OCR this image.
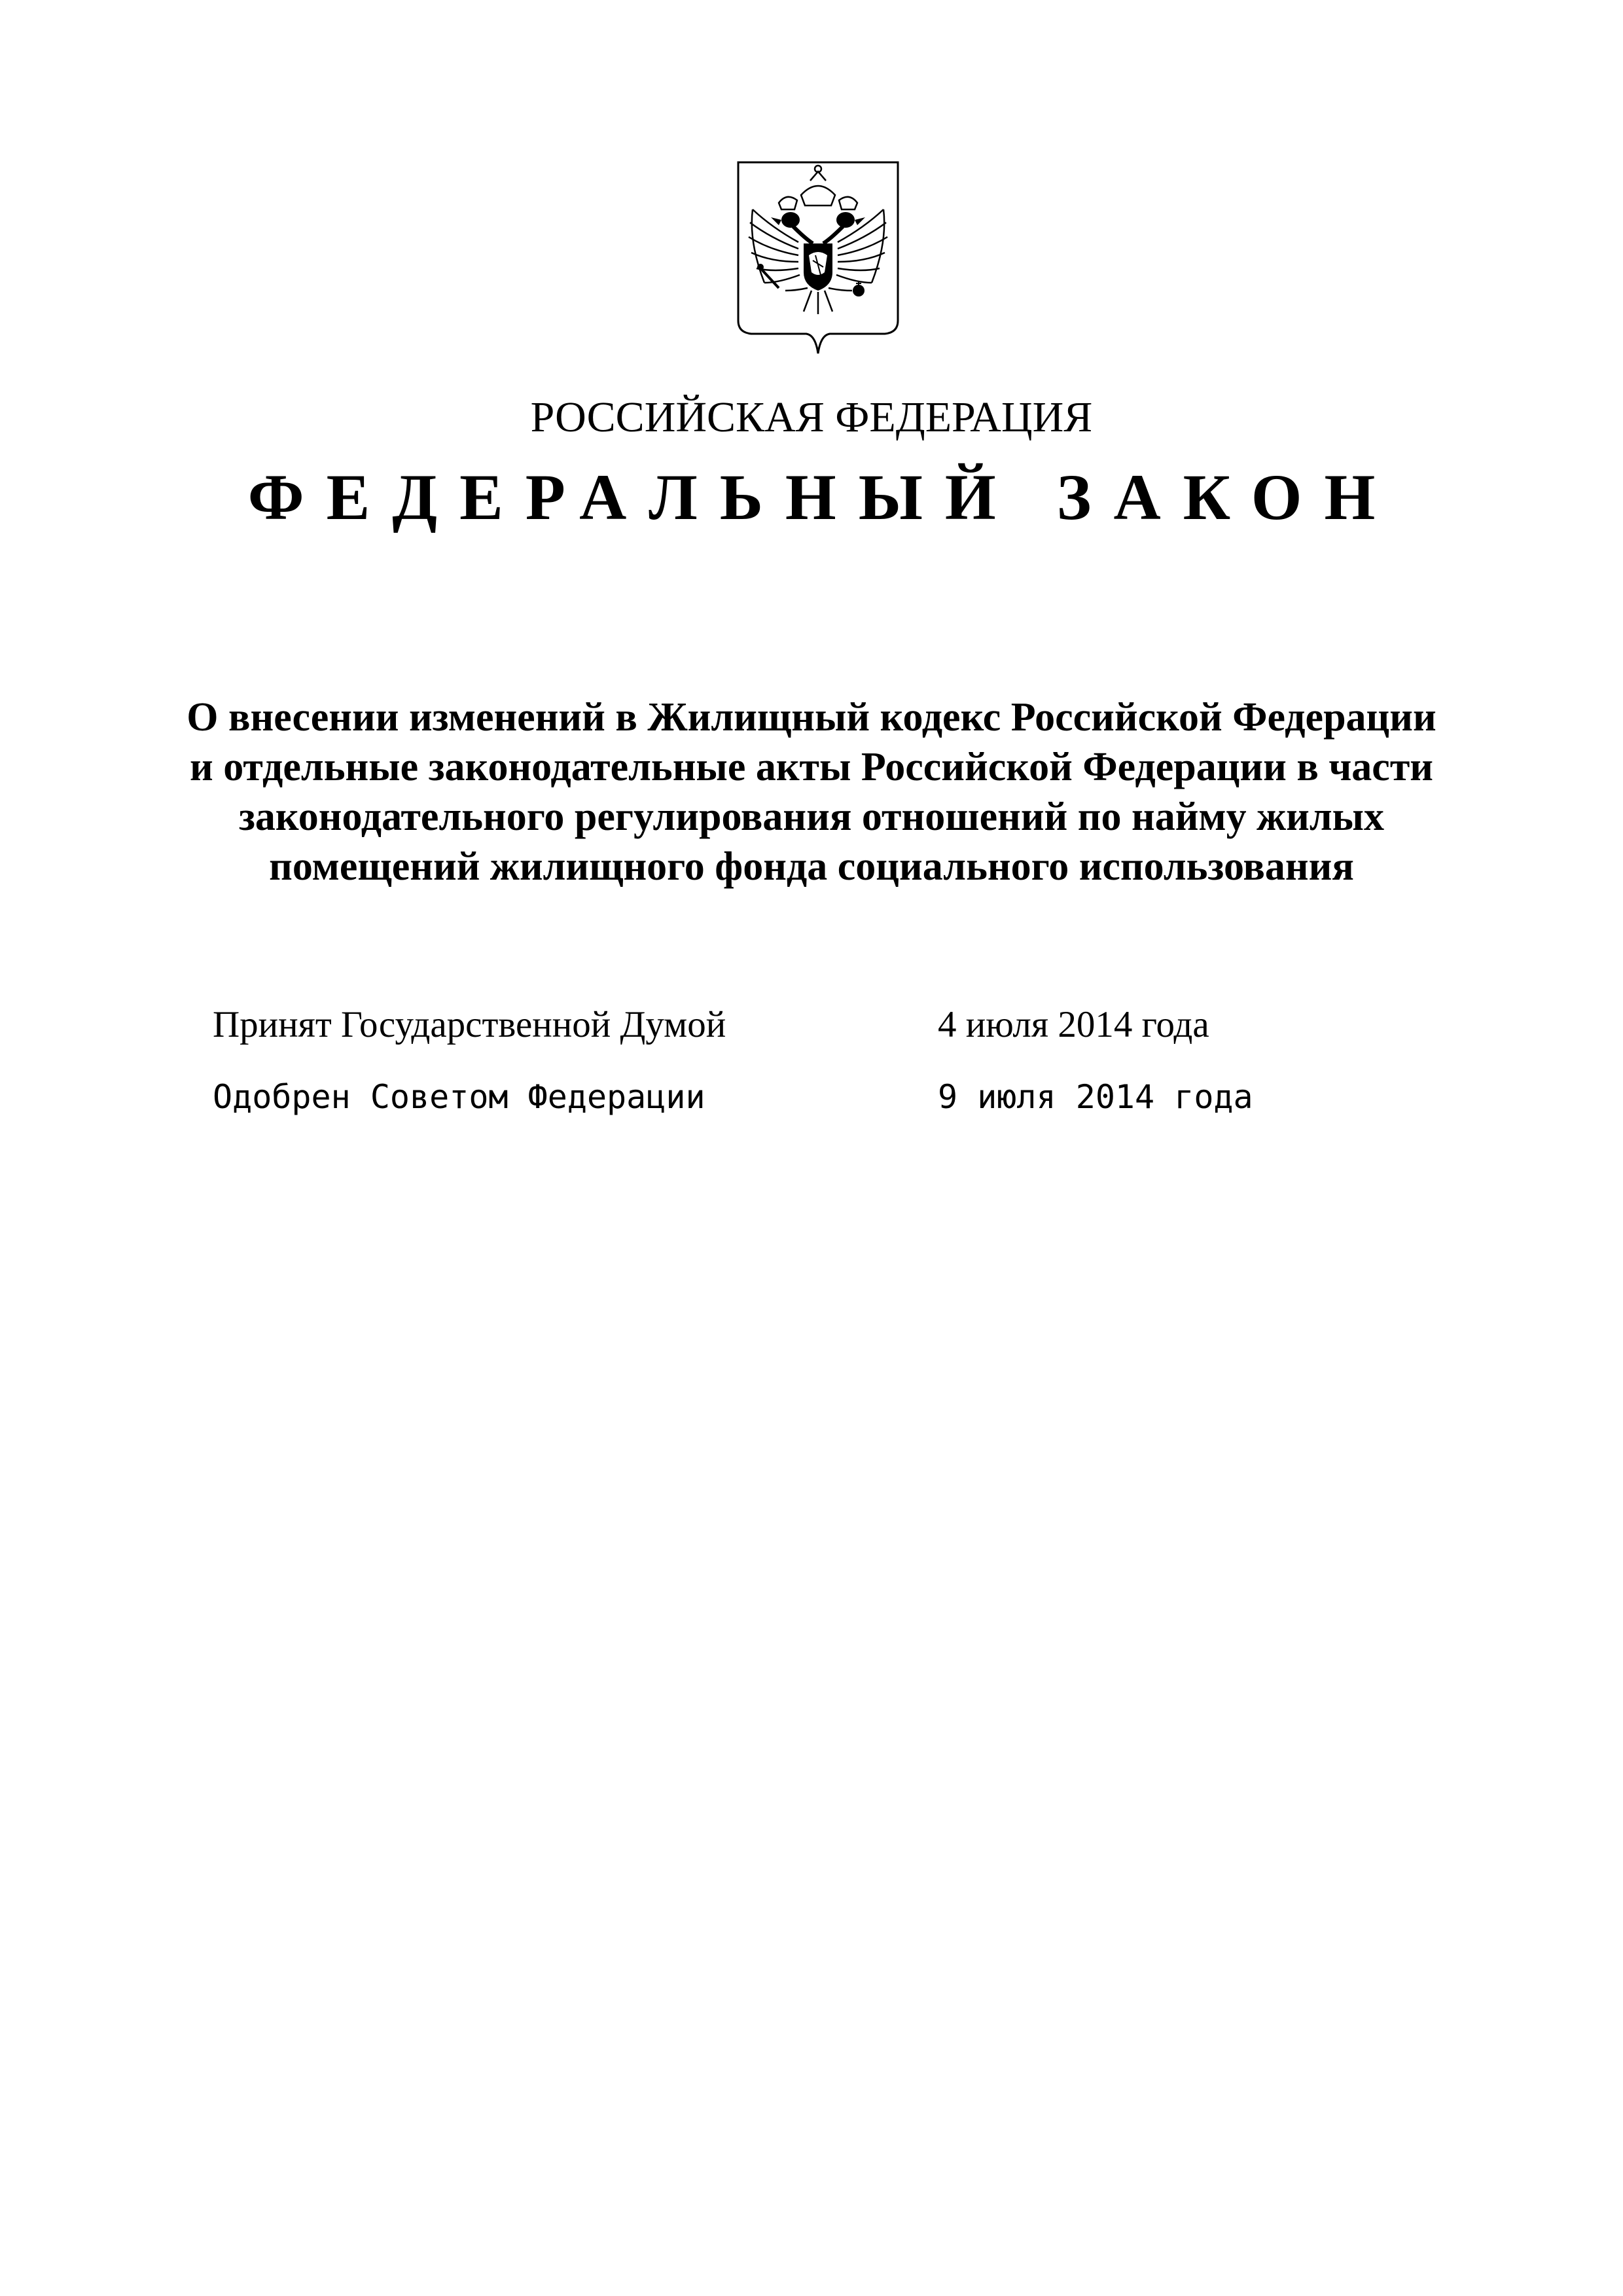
РОССИЙСКАЯ ФЕДЕРАЦИЯ
ФЕДЕРАЛЬНЫЙ ЗАКОН
О внесении изменений в Жилищный кодекс Российской Федерации
и отдельные законодательные акты Российской Федерации в части
законодательного регулирования отношений по найму жилых
помещений жилищного фонда социального использования
Принят Государственной Думой	4 июля 2014 года
Одобрен Советом Федерации	9 июля 2014 года
